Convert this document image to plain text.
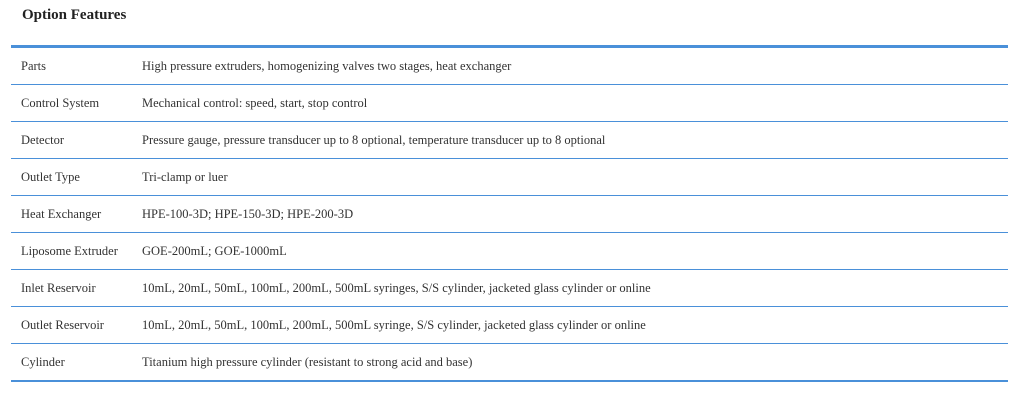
Option Features
Parts	High pressure extruders, homogenizing valves two stages, heat exchanger
Control System	Mechanical control: speed, start, stop control
Detector	Pressure gauge, pressure transducer up to 8 optional, temperature transducer up to 8 optional
Outlet Type	Tri-clamp or luer
Heat Exchanger	HPE-100-3D; HPE-150-3D; HPE-200-3D
Liposome Extruder	GOE-200mL; GOE-1000mL
Inlet Reservoir	10mL, 20mL, 50mL, 100mL, 200mL, 500mL syringes, S/S cylinder, jacketed glass cylinder or online
Outlet Reservoir	10mL, 20mL, 50mL, 100mL, 200mL, 500mL syringe, S/S cylinder, jacketed glass cylinder or online
Cylinder	Titanium high pressure cylinder (resistant to strong acid and base)
